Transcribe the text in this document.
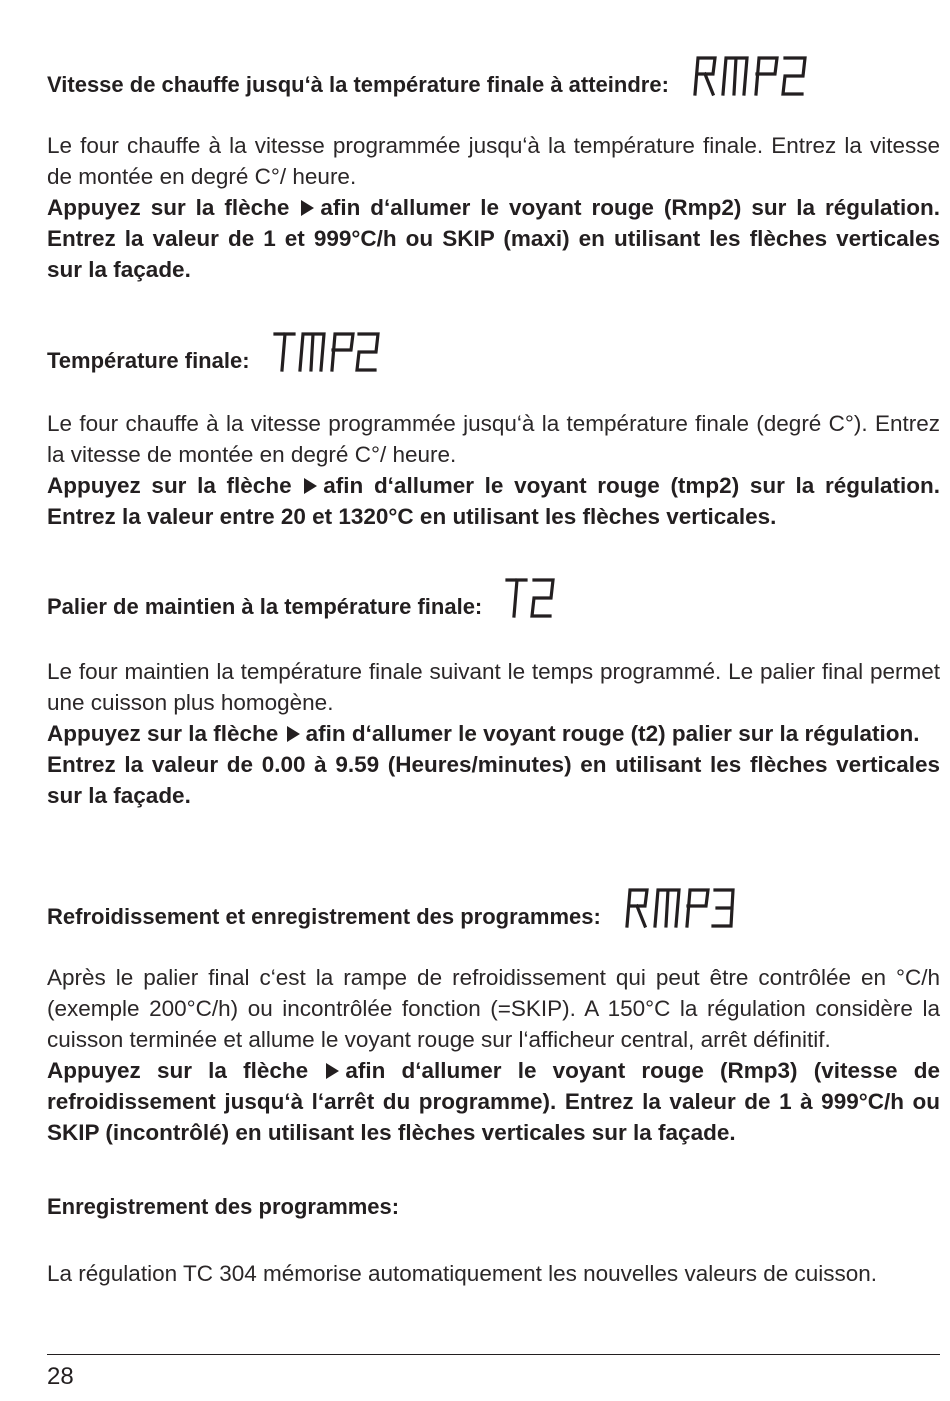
Vitesse de chauffe jusqu‘à la température finale à atteindre:

Le four chauffe à la vitesse programmée jusqu‘à la température finale. Entrez la vitesse de montée en degré C°/ heure.

Appuyez sur la flèche afin d‘allumer le voyant rouge (Rmp2) sur la régulation. Entrez la valeur de 1 et 999°C/h ou SKIP (maxi) en utilisant les flèches verticales sur la façade.

Température finale:

Le four chauffe à la vitesse programmée jusqu‘à la température finale (degré C°). Entrez la vitesse de montée en degré C°/ heure.

Appuyez sur la flèche afin d‘allumer le voyant rouge (tmp2) sur la régulation. Entrez la valeur entre 20 et 1320°C en utilisant les flèches verticales.

Palier de maintien à la température finale:

Le four maintien la température finale suivant le temps programmé. Le palier final permet une cuisson plus homogène.

Appuyez sur la flèche afin d‘allumer le voyant rouge (t2) palier sur la régulation.

Entrez la valeur de 0.00 à 9.59 (Heures/minutes) en utilisant les flèches verticales sur la façade.

Refroidissement et enregistrement des programmes:

Après le palier final c‘est la rampe de refroidissement qui peut être contrôlée en °C/h (exemple 200°C/h) ou incontrôlée fonction (=SKIP). A 150°C la régulation considère la cuisson terminée et allume le voyant rouge sur l‘afficheur central, arrêt définitif.

Appuyez sur la flèche afin d‘allumer le voyant rouge (Rmp3) (vitesse de refroidissement jusqu‘à l‘arrêt du programme). Entrez la valeur de 1 à 999°C/h ou SKIP (incontrôlé) en utilisant les flèches verticales sur la façade.

Enregistrement des programmes:

La régulation TC 304 mémorise automatiquement les nouvelles valeurs de cuisson.

28
